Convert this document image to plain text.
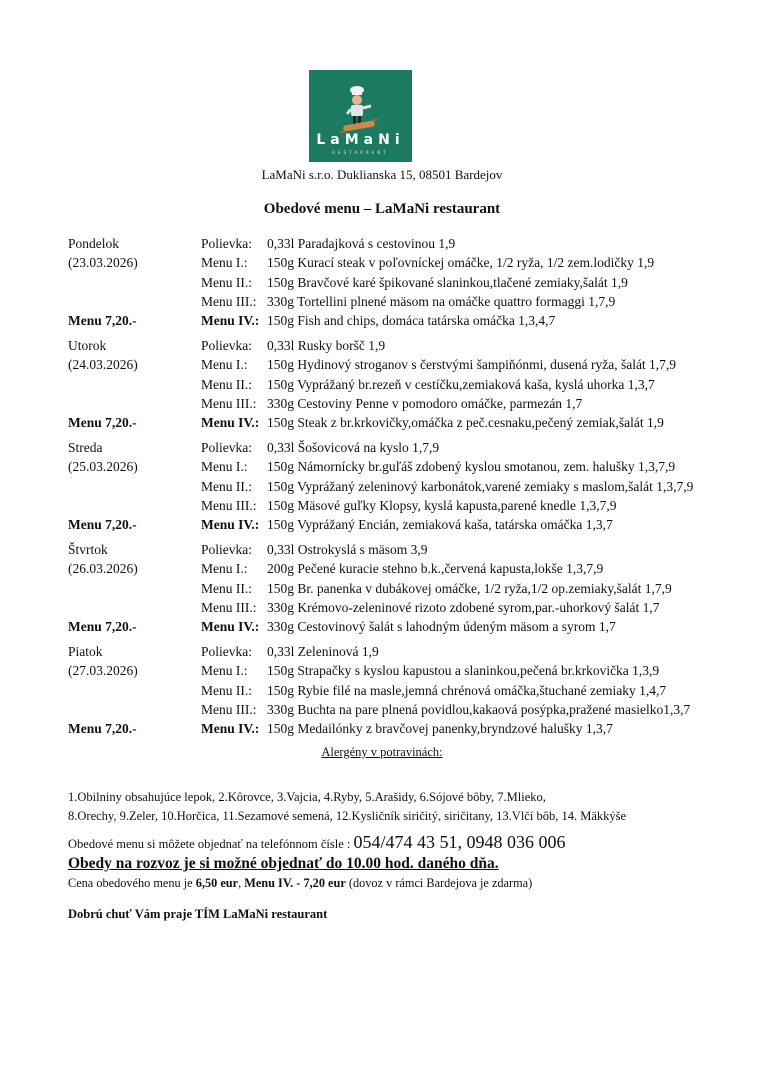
LaMaNi
RESTAURANT
LaMaNi s.r.o. Duklianska 15, 08501 Bardejov
Obedové menu – LaMaNi restaurant
Pondelok	Polievka: 0,33l Paradajková s cestovinou 1,9
(23.03.2026)	Menu I.: 150g Kurací steak v poľovníckej omáčke, 1/2 ryža, 1/2 zem.lodičky 1,9
Menu II.: 150g Bravčové karé špikované slaninkou,tlačené zemiaky,šalát 1,9
Menu III.: 330g Tortellini plnené mäsom na omáčke quattro formaggi 1,7,9
Menu 7,20.-	Menu IV.: 150g Fish and chips, domáca tatárska omáčka 1,3,4,7
Utorok	Polievka: 0,33l Rusky boršč 1,9
(24.03.2026)	Menu I.: 150g Hydinový stroganov s čerstvými šampiňónmi, dusená ryža, šalát 1,7,9
Menu II.: 150g Vyprážaný br.rezeň v cestíčku,zemiaková kaša, kyslá uhorka 1,3,7
Menu III.: 330g Cestoviny Penne v pomodoro omáčke, parmezán 1,7
Menu 7,20.-	Menu IV.: 150g Steak z br.krkovičky,omáčka z peč.cesnaku,pečený zemiak,šalát 1,9
Streda	Polievka: 0,33l Šošovicová na kyslo 1,7,9
(25.03.2026)	Menu I.: 150g Námornícky br.guľáš zdobený kyslou smotanou, zem. halušky 1,3,7,9
Menu II.: 150g Vyprážaný zeleninový karbonátok,varené zemiaky s maslom,šalát 1,3,7,9
Menu III.: 150g Mäsové guľky Klopsy, kyslá kapusta,parené knedle 1,3,7,9
Menu 7,20.-	Menu IV.: 150g Vyprážaný Encián, zemiaková kaša, tatárska omáčka 1,3,7
Štvrtok	Polievka: 0,33l Ostrokyslá s mäsom 3,9
(26.03.2026)	Menu I.: 200g Pečené kuracie stehno b.k.,červená kapusta,lokše 1,3,7,9
Menu II.: 150g Br. panenka v dubákovej omáčke, 1/2 ryža,1/2 op.zemiaky,šalát 1,7,9
Menu III.: 330g Krémovo-zeleninové rizoto zdobené syrom,par.-uhorkový šalát 1,7
Menu 7,20.-	Menu IV.: 330g Cestovinový šalát s lahodným údeným mäsom a syrom 1,7
Piatok	Polievka: 0,33l Zeleninová 1,9
(27.03.2026)	Menu I.: 150g Strapačky s kyslou kapustou a slaninkou,pečená br.krkovička 1,3,9
Menu II.: 150g Rybie filé na masle,jemná chrénová omáčka,štuchané zemiaky 1,4,7
Menu III.: 330g Buchta na pare plnená povidlou,kakaová posýpka,pražené masielko1,3,7
Menu 7,20.-	Menu IV.: 150g Medailónky z bravčovej panenky,bryndzové halušky 1,3,7
Alergény v potravinách:
1.Obilniny obsahujúce lepok, 2.Kôrovce, 3.Vajcia, 4.Ryby, 5.Arašidy, 6.Sójové bôby, 7.Mlieko,
8.Orechy, 9.Zeler, 10.Horčica, 11.Sezamové semená, 12.Kysličník siričitý, siričitany, 13.Vlčí bôb, 14. Mäkkýše
Obedové menu si môžete objednať na telefónnom čísle : 054/474 43 51, 0948 036 006
Obedy na rozvoz je si možné objednať do 10.00 hod. daného dňa.
Cena obedového menu je 6,50 eur, Menu IV. - 7,20 eur (dovoz v rámci Bardejova je zdarma)
Dobrú chuť Vám praje TÍM LaMaNi restaurant
